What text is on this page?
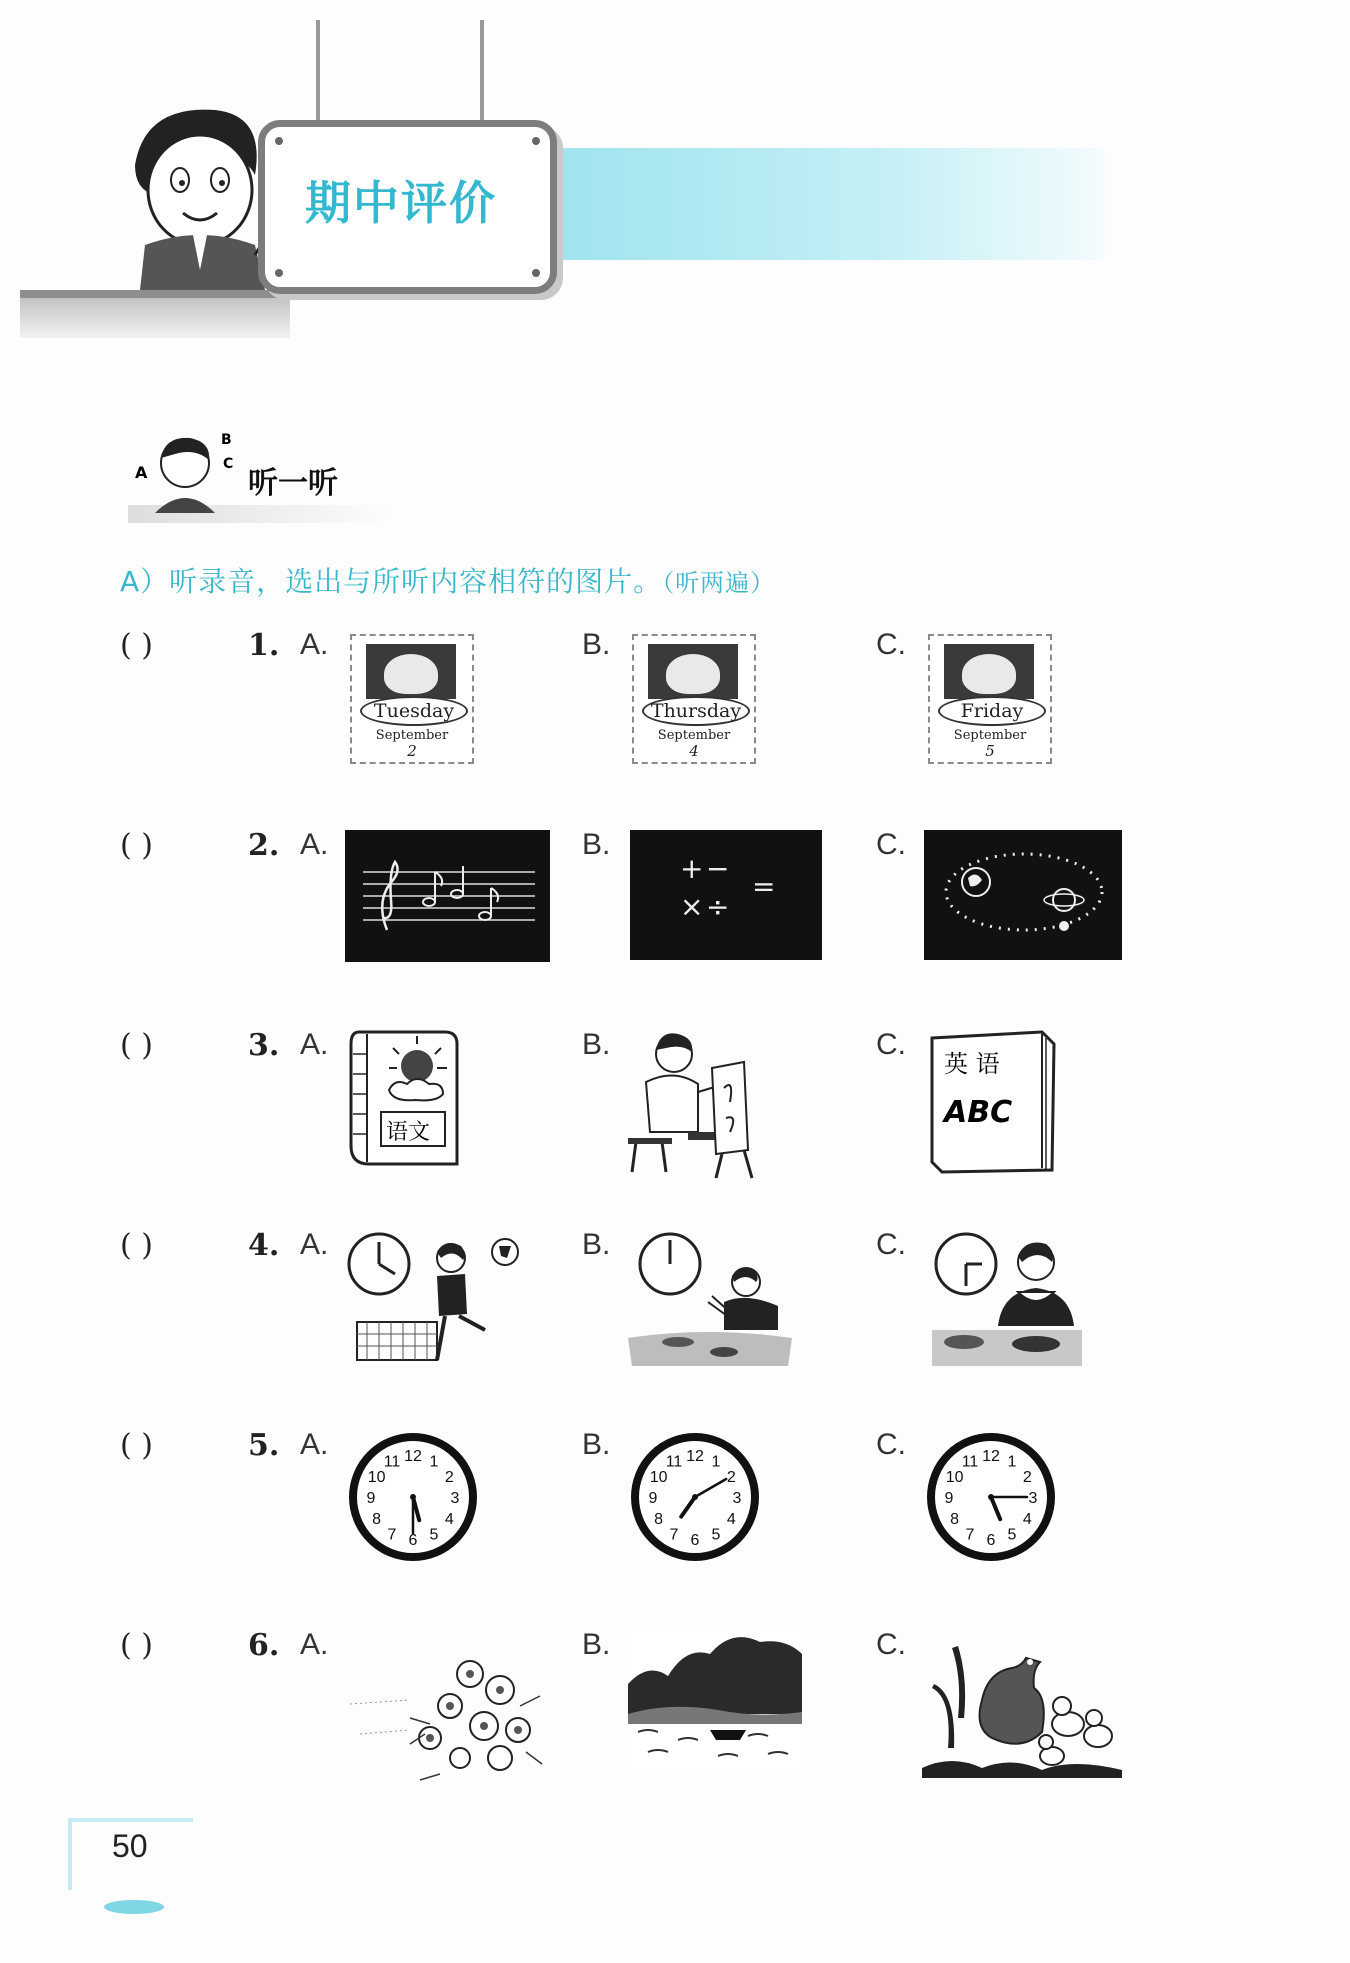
期中评价
A
B
C
听一听
A）听录音，选出与所听内容相符的图片。（听两遍）
( )	1. A.	B.	C.
Tuesday
September
2
Thursday
September
4
Friday
September
5
( )	2. A.	B.	C.
+ −
× ÷
=
( )	3. A.	B.	C.
语文
英 语
ABC
( )	4. A.	B.	C.
( )	5. A.	B.	C.
1
2
3
4
5
6
7
8
9
10
11 12	1
2
3
4
5
6
7
8
9
10
11 12	1
2
3
4
5
6
7
8
9
10
11 12
( )	6. A.	B.	C.
50
